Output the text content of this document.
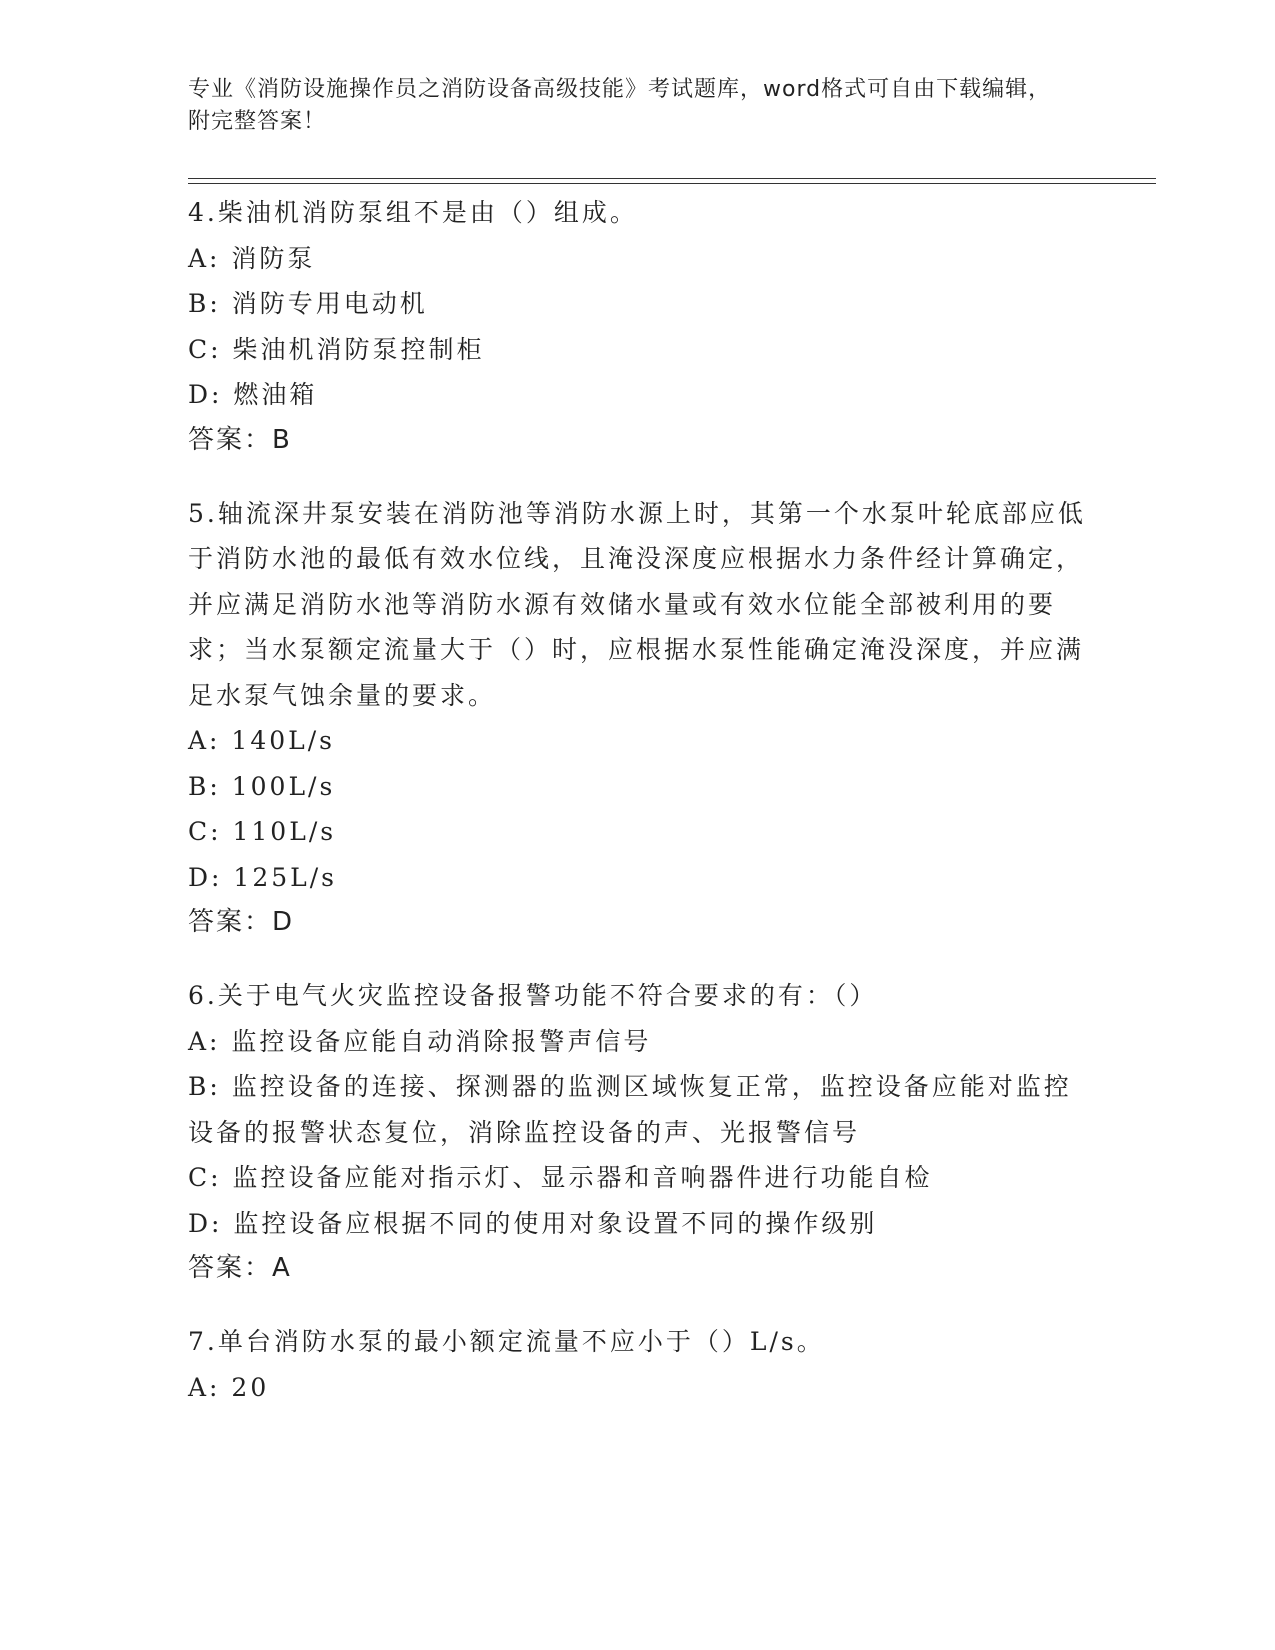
专业《消防设施操作员之消防设备高级技能》考试题库，word格式可自由下载编辑，附完整答案！

4.柴油机消防泵组不是由（）组成。

A: 消防泵

B: 消防专用电动机

C: 柴油机消防泵控制柜

D: 燃油箱

答案：B

5.轴流深井泵安装在消防池等消防水源上时，其第一个水泵叶轮底部应低于消防水池的最低有效水位线，且淹没深度应根据水力条件经计算确定，并应满足消防水池等消防水源有效储水量或有效水位能全部被利用的要求；当水泵额定流量大于（）时，应根据水泵性能确定淹没深度，并应满足水泵气蚀余量的要求。

A: 140L/s

B: 100L/s

C: 110L/s

D: 125L/s

答案：D

6.关于电气火灾监控设备报警功能不符合要求的有：（）

A: 监控设备应能自动消除报警声信号

B: 监控设备的连接、探测器的监测区域恢复正常，监控设备应能对监控设备的报警状态复位，消除监控设备的声、光报警信号

C: 监控设备应能对指示灯、显示器和音响器件进行功能自检

D: 监控设备应根据不同的使用对象设置不同的操作级别

答案：A

7.单台消防水泵的最小额定流量不应小于（）L/s。

A: 20
